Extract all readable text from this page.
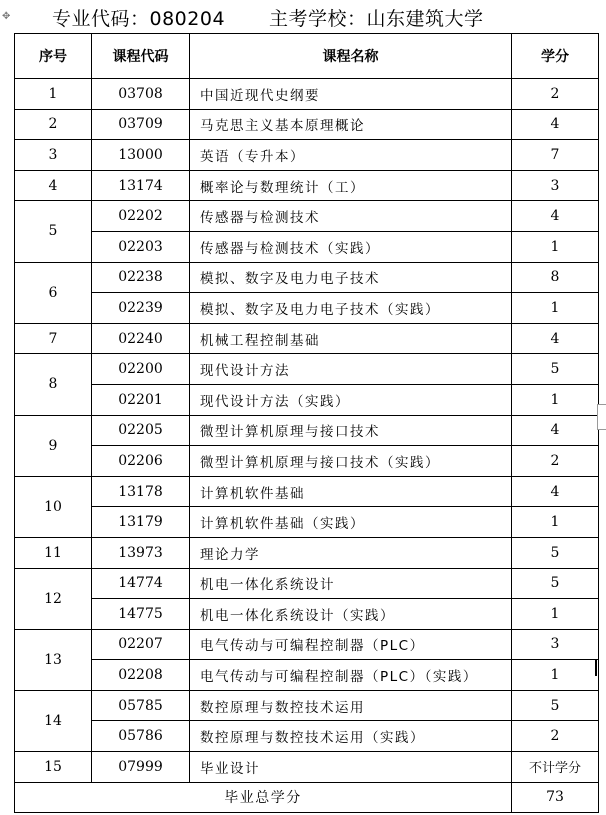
✥ 专业代码：080204 主考学校：山东建筑大学
序号	课程代码	课程名称	学分
1	03708	中国近现代史纲要	2
2	03709	马克思主义基本原理概论	4
3	13000	英语（专升本）	7
4	13174	概率论与数理统计（工）	3
5	02202	传感器与检测技术	4
	02203	传感器与检测技术（实践）	1
6	02238	模拟、数字及电力电子技术	8
	02239	模拟、数字及电力电子技术（实践）	1
7	02240	机械工程控制基础	4
8	02200	现代设计方法	5
	02201	现代设计方法（实践）	1
9	02205	微型计算机原理与接口技术	4
	02206	微型计算机原理与接口技术（实践）	2
10	13178	计算机软件基础	4
	13179	计算机软件基础（实践）	1
11	13973	理论力学	5
12	14774	机电一体化系统设计	5
	14775	机电一体化系统设计（实践）	1
13	02207	电气传动与可编程控制器（PLC）	3
	02208	电气传动与可编程控制器（PLC）（实践）	1
14	05785	数控原理与数控技术运用	5
	05786	数控原理与数控技术运用（实践）	2
15	07999	毕业设计	不计学分
毕业总学分			73
